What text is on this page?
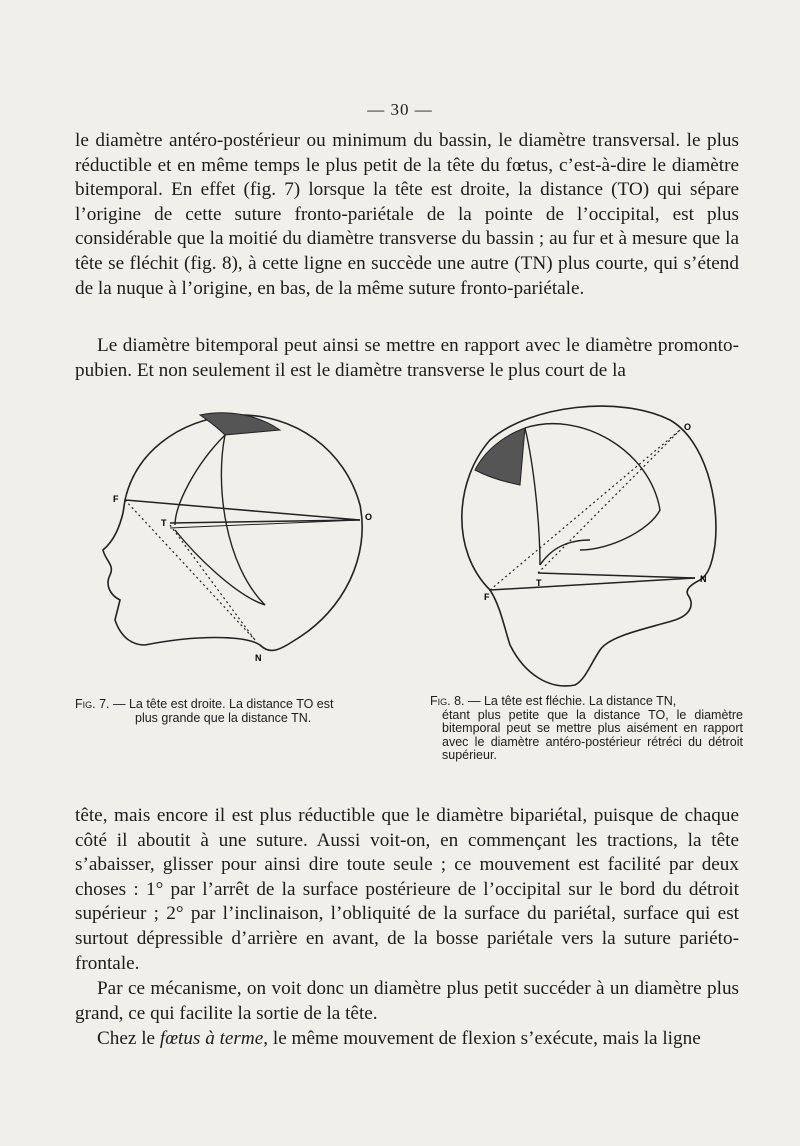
— 30 —

le diamètre antéro-postérieur ou minimum du bassin, le diamètre transversal. le plus réductible et en même temps le plus petit de la tête du fœtus, c’est-à-dire le diamètre bitemporal. En effet (fig. 7) lorsque la tête est droite, la distance (TO) qui sépare l’origine de cette suture fronto-pariétale de la pointe de l’occipital, est plus considérable que la moitié du diamètre transverse du bassin ; au fur et à mesure que la tête se fléchit (fig. 8), à cette ligne en succède une autre (TN) plus courte, qui s’étend de la nuque à l’origine, en bas, de la même suture fronto-pariétale.

Le diamètre bitemporal peut ainsi se mettre en rapport avec le diamètre promonto-pubien. Et non seulement il est le diamètre transverse le plus court de la

F
T
O
N
F
T
O
N

Fig. 7. — La tête est droite. La distance TO est
plus grande que la distance TN.

Fig. 8. — La tête est fléchie. La distance TN,
étant plus petite que la distance TO, le diamètre bitemporal peut se mettre plus aisément en rapport avec le diamètre antéro-postérieur rétréci du détroit supérieur.

tête, mais encore il est plus réductible que le diamètre bipariétal, puisque de chaque côté il aboutit à une suture. Aussi voit-on, en commençant les tractions, la tête s’abaisser, glisser pour ainsi dire toute seule ; ce mouvement est facilité par deux choses : 1° par l’arrêt de la surface postérieure de l’occipital sur le bord du détroit supérieur ; 2° par l’inclinaison, l’obliquité de la surface du pariétal, surface qui est surtout dépressible d’arrière en avant, de la bosse pariétale vers la suture pariéto-frontale.

Par ce mécanisme, on voit donc un diamètre plus petit succéder à un diamètre plus grand, ce qui facilite la sortie de la tête.

Chez le fœtus à terme, le même mouvement de flexion s’exécute, mais la ligne
